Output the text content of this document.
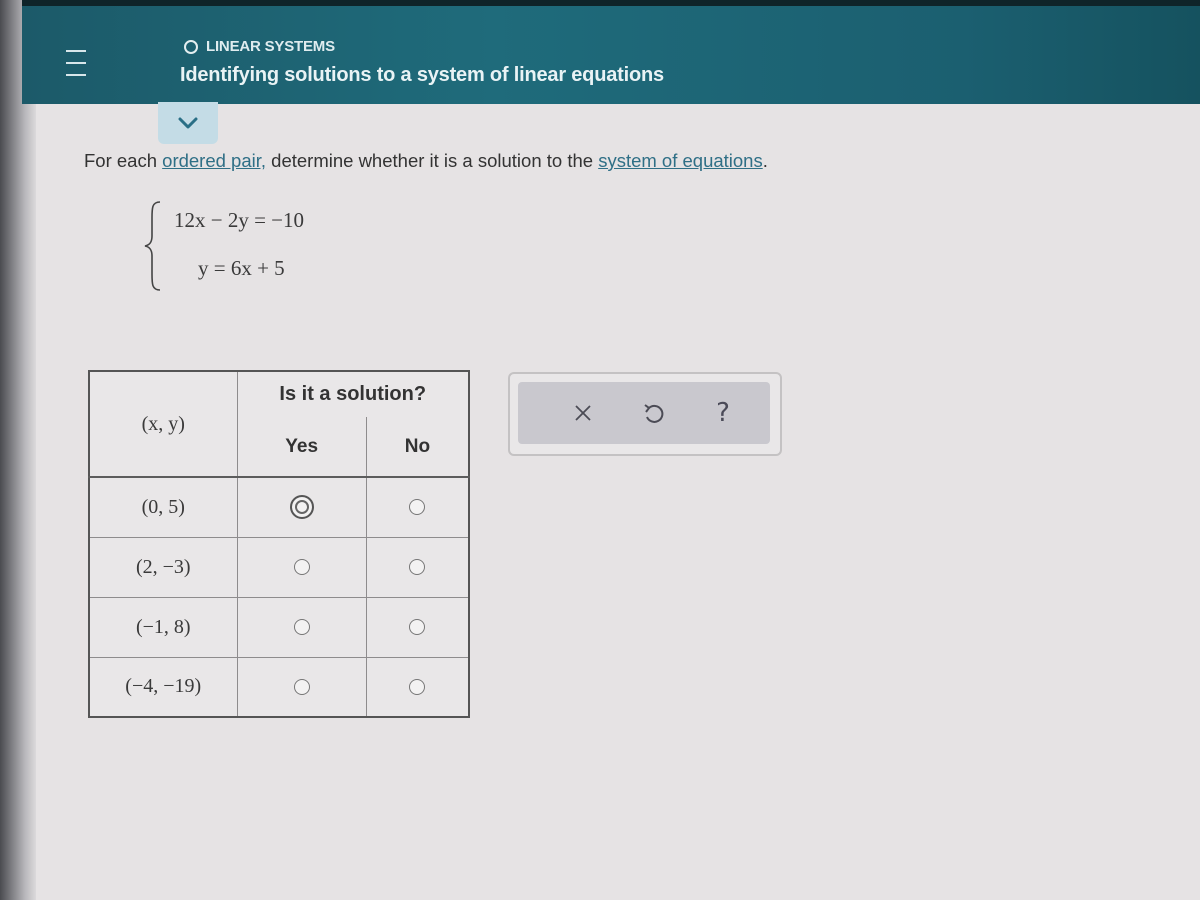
LINEAR SYSTEMS
Identifying solutions to a system of linear equations
For each ordered pair, determine whether it is a solution to the system of equations.
12x − 2y = −10
y = 6x + 5
(x, y)	Is it a solution?	
	Yes	No
(0, 5)		
(2, −3)		
(−1, 8)		
(−4, −19)		
?
